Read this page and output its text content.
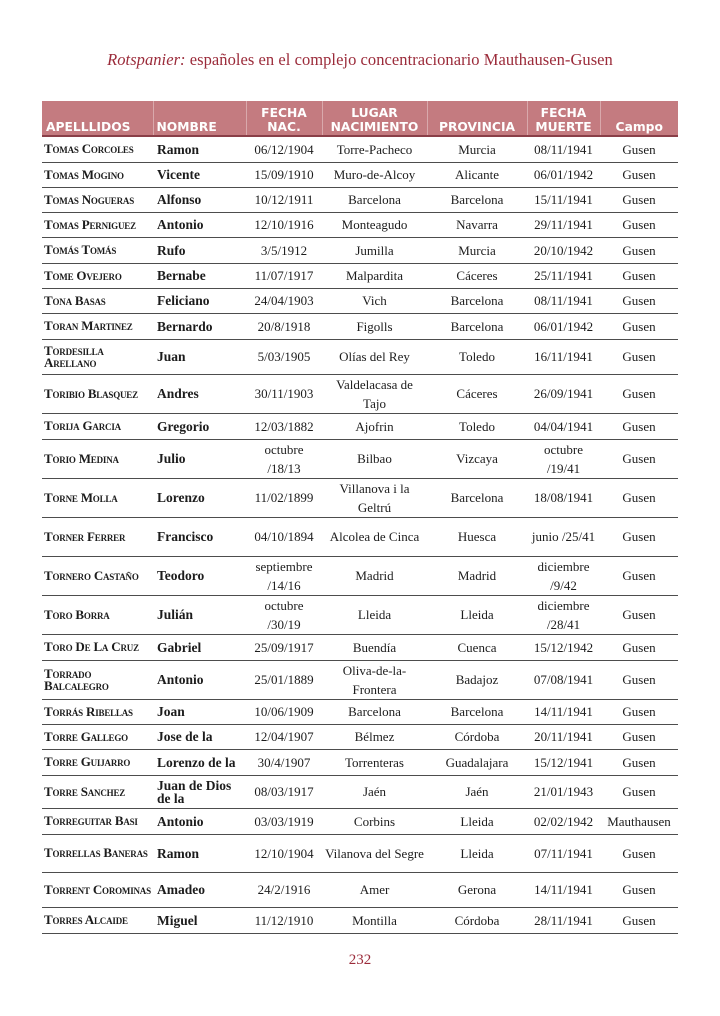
Rotspanier: españoles en el complejo concentracionario Mauthausen-Gusen
APELLLIDOS	NOMBRE	FECHA NAC.	LUGAR NACIMIENTO	PROVINCIA	FECHA MUERTE	Campo
Tomas Corcoles	Ramon	06/12/1904	Torre-Pacheco	Murcia	08/11/1941	Gusen
Tomas Mogino	Vicente	15/09/1910	Muro-de-Alcoy	Alicante	06/01/1942	Gusen
Tomas Nogueras	Alfonso	10/12/1911	Barcelona	Barcelona	15/11/1941	Gusen
Tomas Perniguez	Antonio	12/10/1916	Monteagudo	Navarra	29/11/1941	Gusen
Tomás Tomás	Rufo	3/5/1912	Jumilla	Murcia	20/10/1942	Gusen
Tome Ovejero	Bernabe	11/07/1917	Malpardita	Cáceres	25/11/1941	Gusen
Tona Basas	Feliciano	24/04/1903	Vich	Barcelona	08/11/1941	Gusen
Toran Martinez	Bernardo	20/8/1918	Figolls	Barcelona	06/01/1942	Gusen
Tordesilla Arellano	Juan	5/03/1905	Olías del Rey	Toledo	16/11/1941	Gusen
Toribio Blasquez	Andres	30/11/1903	Valdelacasa de Tajo	Cáceres	26/09/1941	Gusen
Torija Garcia	Gregorio	12/03/1882	Ajofrin	Toledo	04/04/1941	Gusen
Torio Medina	Julio	octubre /18/13	Bilbao	Vizcaya	octubre /19/41	Gusen
Torne Molla	Lorenzo	11/02/1899	Villanova i la Geltrú	Barcelona	18/08/1941	Gusen
Torner Ferrer	Francisco	04/10/1894	Alcolea de Cinca	Huesca	junio /25/41	Gusen
Tornero Castaño	Teodoro	septiembre /14/16	Madrid	Madrid	diciembre /9/42	Gusen
Toro Borra	Julián	octubre /30/19	Lleida	Lleida	diciembre /28/41	Gusen
Toro De La Cruz	Gabriel	25/09/1917	Buendía	Cuenca	15/12/1942	Gusen
Torrado Balcalegro	Antonio	25/01/1889	Oliva-de-la-Frontera	Badajoz	07/08/1941	Gusen
Torrás Ribellas	Joan	10/06/1909	Barcelona	Barcelona	14/11/1941	Gusen
Torre Gallego	Jose de la	12/04/1907	Bélmez	Córdoba	20/11/1941	Gusen
Torre Guijarro	Lorenzo de la	30/4/1907	Torrenteras	Guadalajara	15/12/1941	Gusen
Torre Sanchez	Juan de Dios de la	08/03/1917	Jaén	Jaén	21/01/1943	Gusen
Torreguitar Basi	Antonio	03/03/1919	Corbins	Lleida	02/02/1942	Mauthausen
Torrellas Baneras	Ramon	12/10/1904	Vilanova del Segre	Lleida	07/11/1941	Gusen
Torrent Corominas	Amadeo	24/2/1916	Amer	Gerona	14/11/1941	Gusen
Torres Alcaide	Miguel	11/12/1910	Montilla	Córdoba	28/11/1941	Gusen
232
